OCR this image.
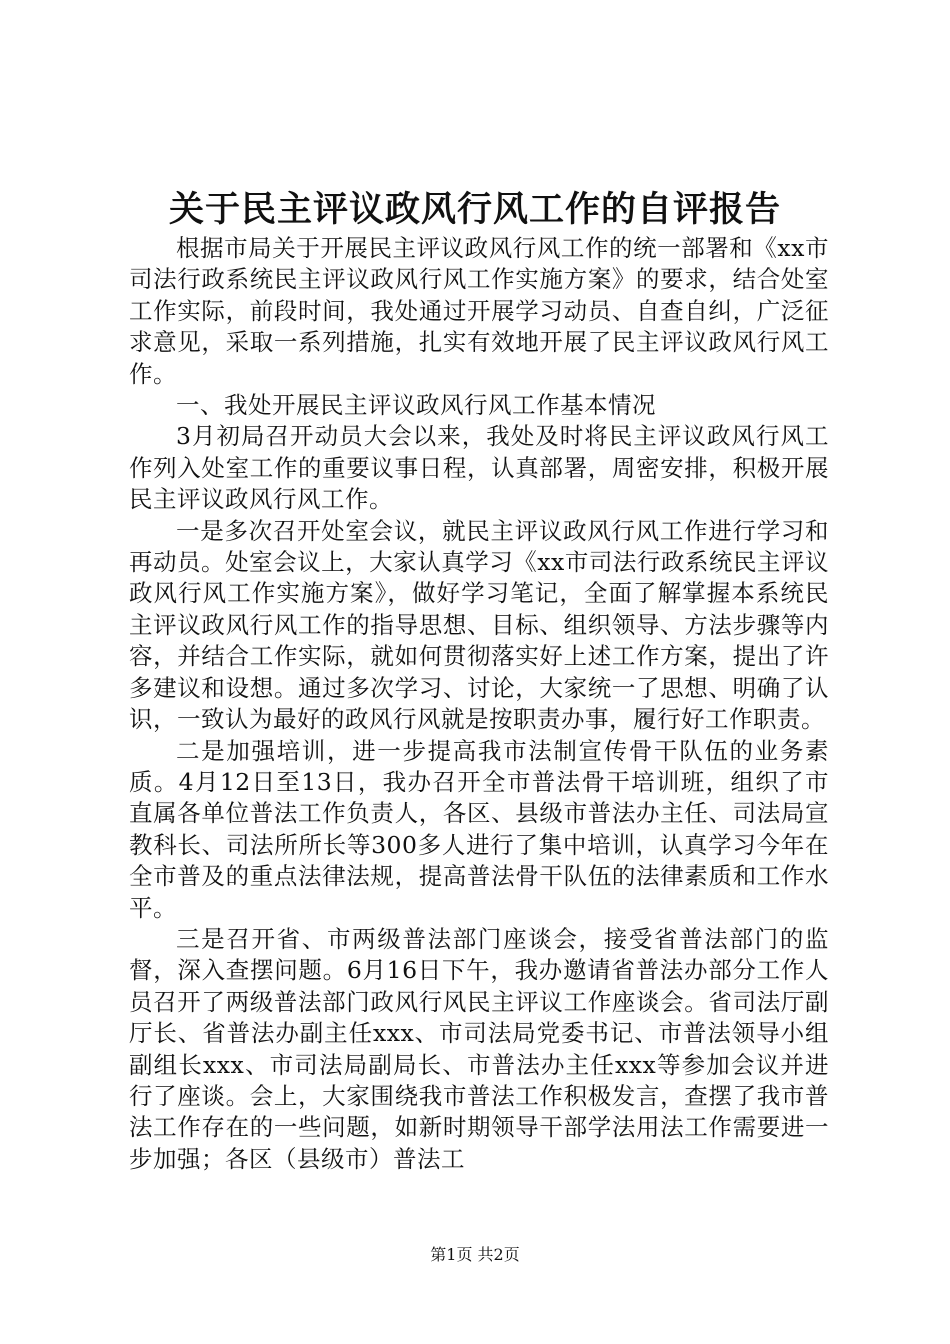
关于民主评议政风行风工作的自评报告

根据市局关于开展民主评议政风行风工作的统一部署和《xx市司法行政系统民主评议政风行风工作实施方案》的要求，结合处室工作实际，前段时间，我处通过开展学习动员、自查自纠，广泛征求意见，采取一系列措施，扎实有效地开展了民主评议政风行风工作。

一、我处开展民主评议政风行风工作基本情况

3月初局召开动员大会以来，我处及时将民主评议政风行风工作列入处室工作的重要议事日程，认真部署，周密安排，积极开展民主评议政风行风工作。

一是多次召开处室会议，就民主评议政风行风工作进行学习和再动员。处室会议上，大家认真学习《xx市司法行政系统民主评议政风行风工作实施方案》，做好学习笔记，全面了解掌握本系统民主评议政风行风工作的指导思想、目标、组织领导、方法步骤等内容，并结合工作实际，就如何贯彻落实好上述工作方案，提出了许多建议和设想。通过多次学习、讨论，大家统一了思想、明确了认识，一致认为最好的政风行风就是按职责办事，履行好工作职责。

二是加强培训，进一步提高我市法制宣传骨干队伍的业务素质。4月12日至13日，我办召开全市普法骨干培训班，组织了市直属各单位普法工作负责人，各区、县级市普法办主任、司法局宣教科长、司法所所长等300多人进行了集中培训，认真学习今年在全市普及的重点法律法规，提高普法骨干队伍的法律素质和工作水平。

三是召开省、市两级普法部门座谈会，接受省普法部门的监督，深入查摆问题。6月16日下午，我办邀请省普法办部分工作人员召开了两级普法部门政风行风民主评议工作座谈会。省司法厅副厅长、省普法办副主任xxx、市司法局党委书记、市普法领导小组副组长xxx、市司法局副局长、市普法办主任xxx等参加会议并进行了座谈。会上，大家围绕我市普法工作积极发言，查摆了我市普法工作存在的一些问题，如新时期领导干部学法用法工作需要进一步加强；各区（县级市）普法工

第1页 共2页
